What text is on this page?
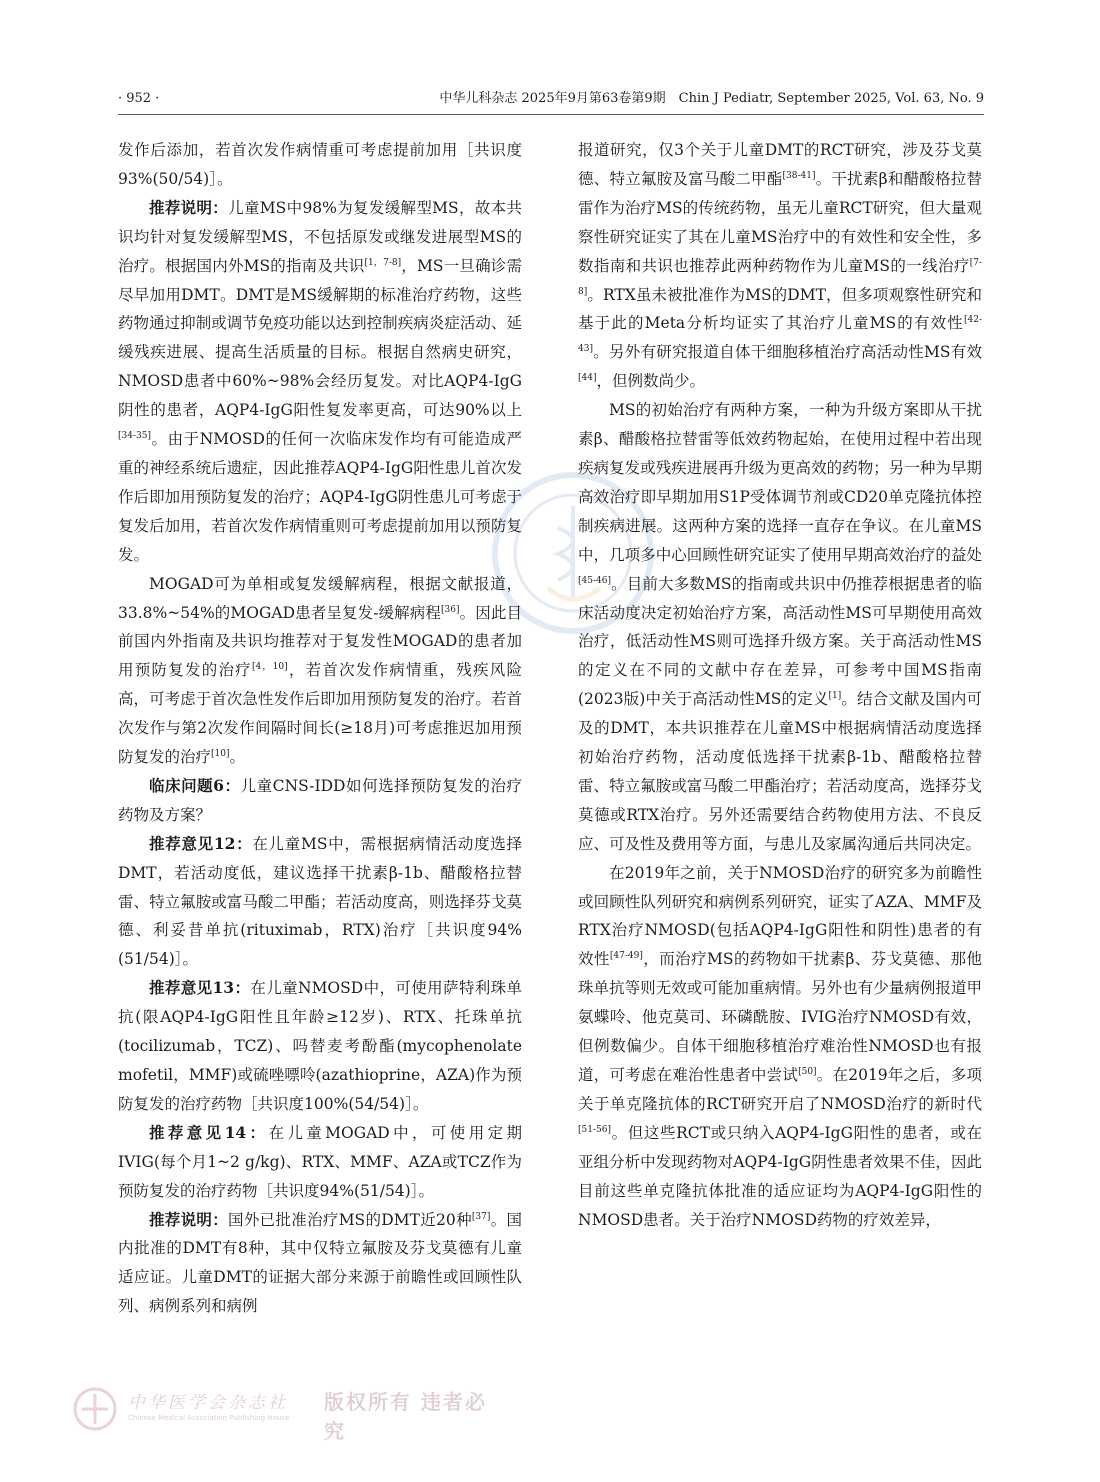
· 952 ·	中华儿科杂志 2025年9月第63卷第9期　Chin J Pediatr, September 2025, Vol. 63, No. 9

发作后添加，若首次发作病情重可考虑提前加用［共识度93%(50/54)］。

推荐说明：儿童MS中98%为复发缓解型MS，故本共识均针对复发缓解型MS，不包括原发或继发进展型MS的治疗。根据国内外MS的指南及共识[1，7-8]，MS一旦确诊需尽早加用DMT。DMT是MS缓解期的标准治疗药物，这些药物通过抑制或调节免疫功能以达到控制疾病炎症活动、延缓残疾进展、提高生活质量的目标。根据自然病史研究，NMOSD患者中60%~98%会经历复发。对比AQP4-IgG阴性的患者，AQP4-IgG阳性复发率更高，可达90%以上[34-35]。由于NMOSD的任何一次临床发作均有可能造成严重的神经系统后遗症，因此推荐AQP4-IgG阳性患儿首次发作后即加用预防复发的治疗；AQP4-IgG阴性患儿可考虑于复发后加用，若首次发作病情重则可考虑提前加用以预防复发。

MOGAD可为单相或复发缓解病程，根据文献报道，33.8%~54%的MOGAD患者呈复发-缓解病程[36]。因此目前国内外指南及共识均推荐对于复发性MOGAD的患者加用预防复发的治疗[4，10]，若首次发作病情重，残疾风险高，可考虑于首次急性发作后即加用预防复发的治疗。若首次发作与第2次发作间隔时间长(≥18月)可考虑推迟加用预防复发的治疗[10]。

临床问题6：儿童CNS-IDD如何选择预防复发的治疗药物及方案？

推荐意见12：在儿童MS中，需根据病情活动度选择DMT，若活动度低，建议选择干扰素β-1b、醋酸格拉替雷、特立氟胺或富马酸二甲酯；若活动度高，则选择芬戈莫德、利妥昔单抗(rituximab，RTX)治疗［共识度94%(51/54)］。

推荐意见13：在儿童NMOSD中，可使用萨特利珠单抗(限AQP4-IgG阳性且年龄≥12岁)、RTX、托珠单抗(tocilizumab，TCZ)、吗替麦考酚酯(mycophenolate mofetil，MMF)或硫唑嘌呤(azathioprine，AZA)作为预防复发的治疗药物［共识度100%(54/54)］。

推荐意见14：在儿童MOGAD中，可使用定期IVIG(每个月1~2 g/kg)、RTX、MMF、AZA或TCZ作为预防复发的治疗药物［共识度94%(51/54)］。

推荐说明：国外已批准治疗MS的DMT近20种[37]。国内批准的DMT有8种，其中仅特立氟胺及芬戈莫德有儿童适应证。儿童DMT的证据大部分来源于前瞻性或回顾性队列、病例系列和病例

报道研究，仅3个关于儿童DMT的RCT研究，涉及芬戈莫德、特立氟胺及富马酸二甲酯[38-41]。干扰素β和醋酸格拉替雷作为治疗MS的传统药物，虽无儿童RCT研究，但大量观察性研究证实了其在儿童MS治疗中的有效性和安全性，多数指南和共识也推荐此两种药物作为儿童MS的一线治疗[7-8]。RTX虽未被批准作为MS的DMT，但多项观察性研究和基于此的Meta分析均证实了其治疗儿童MS的有效性[42-43]。另外有研究报道自体干细胞移植治疗高活动性MS有效[44]，但例数尚少。

MS的初始治疗有两种方案，一种为升级方案即从干扰素β、醋酸格拉替雷等低效药物起始，在使用过程中若出现疾病复发或残疾进展再升级为更高效的药物；另一种为早期高效治疗即早期加用S1P受体调节剂或CD20单克隆抗体控制疾病进展。这两种方案的选择一直存在争议。在儿童MS中，几项多中心回顾性研究证实了使用早期高效治疗的益处[45-46]。目前大多数MS的指南或共识中仍推荐根据患者的临床活动度决定初始治疗方案，高活动性MS可早期使用高效治疗，低活动性MS则可选择升级方案。关于高活动性MS的定义在不同的文献中存在差异，可参考中国MS指南(2023版)中关于高活动性MS的定义[1]。结合文献及国内可及的DMT，本共识推荐在儿童MS中根据病情活动度选择初始治疗药物，活动度低选择干扰素β-1b、醋酸格拉替雷、特立氟胺或富马酸二甲酯治疗；若活动度高，选择芬戈莫德或RTX治疗。另外还需要结合药物使用方法、不良反应、可及性及费用等方面，与患儿及家属沟通后共同决定。

在2019年之前，关于NMOSD治疗的研究多为前瞻性或回顾性队列研究和病例系列研究，证实了AZA、MMF及RTX治疗NMOSD(包括AQP4-IgG阳性和阴性)患者的有效性[47-49]，而治疗MS的药物如干扰素β、芬戈莫德、那他珠单抗等则无效或可能加重病情。另外也有少量病例报道甲氨蝶呤、他克莫司、环磷酰胺、IVIG治疗NMOSD有效，但例数偏少。自体干细胞移植治疗难治性NMOSD也有报道，可考虑在难治性患者中尝试[50]。在2019年之后，多项关于单克隆抗体的RCT研究开启了NMOSD治疗的新时代[51-56]。但这些RCT或只纳入AQP4-IgG阳性的患者，或在亚组分析中发现药物对AQP4-IgG阴性患者效果不佳，因此目前这些单克隆抗体批准的适应证均为AQP4-IgG阳性的NMOSD患者。关于治疗NMOSD药物的疗效差异，

中华医学会杂志社
Chinese Medical Association Publishing House
版权所有 违者必究
